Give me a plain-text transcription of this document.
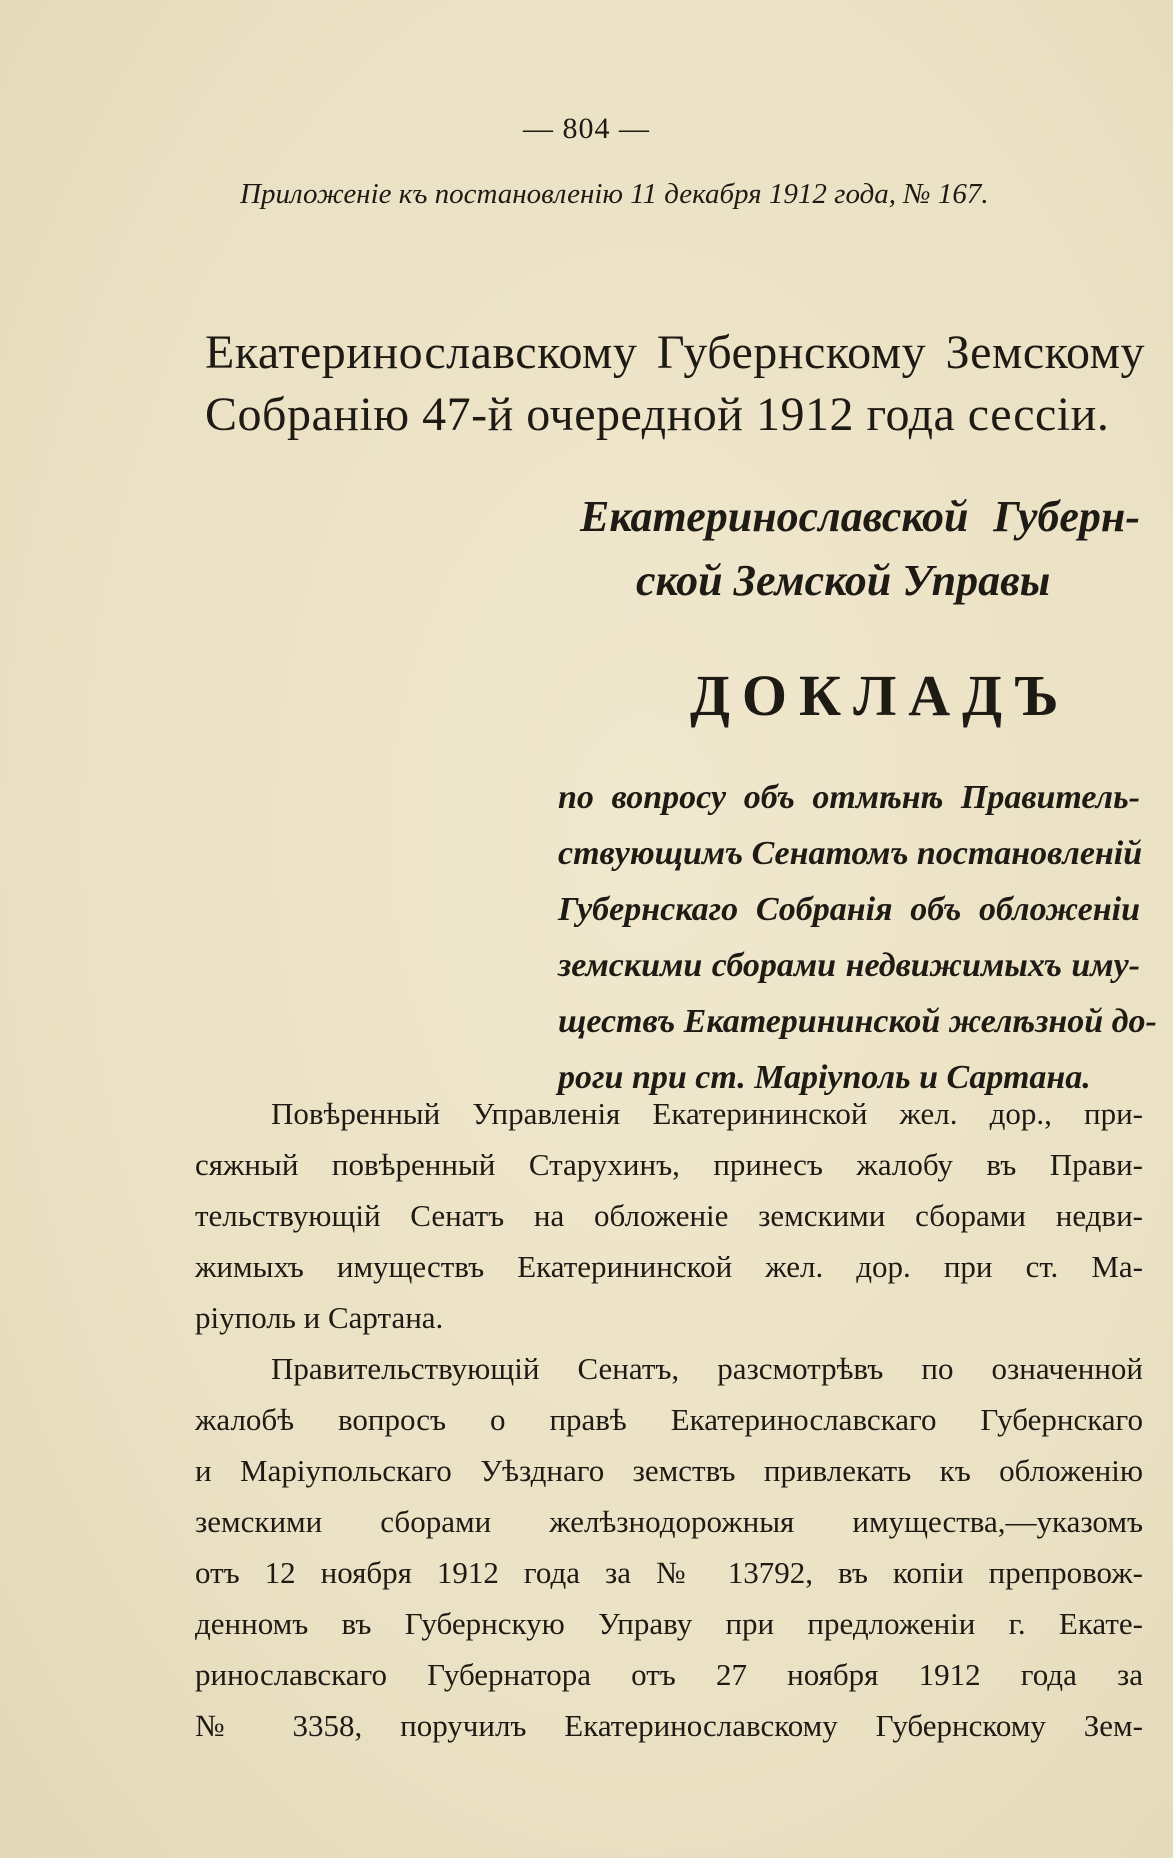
— 804 —
Приложеніе къ постановленію 11 декабря 1912 года, № 167.
Екатеринославскому Губернскому Земскому
Собранію 47-й очередной 1912 года сессіи.
Екатеринославской Губерн-
ской Земской Управы
ДОКЛАДЪ
по вопросу объ отмѣнѣ Правитель-
ствующимъ Сенатомъ постановленій
Губернскаго Собранія объ обложеніи
земскими сборами недвижимыхъ иму-
ществъ Екатерининской желѣзной до-
роги при ст. Маріуполь и Сартана.
Повѣренный Управленія Екатерининской жел. дор., при-
сяжный повѣренный Старухинъ, принесъ жалобу въ Прави-
тельствующій Сенатъ на обложеніе земскими сборами недви-
жимыхъ имуществъ Екатерининской жел. дор. при ст. Ма-
ріуполь и Сартана.
Правительствующій Сенатъ, разсмотрѣвъ по означенной
жалобѣ вопросъ о правѣ Екатеринославскаго Губернскаго
и Маріупольскаго Уѣзднаго земствъ привлекать къ обложенію
земскими сборами желѣзнодорожныя имущества,—указомъ
отъ 12 ноября 1912 года за № 13792, въ копіи препровож-
денномъ въ Губернскую Управу при предложеніи г. Екате-
ринославскаго Губернатора отъ 27 ноября 1912 года за
№ 3358, поручилъ Екатеринославскому Губернскому Зем-
